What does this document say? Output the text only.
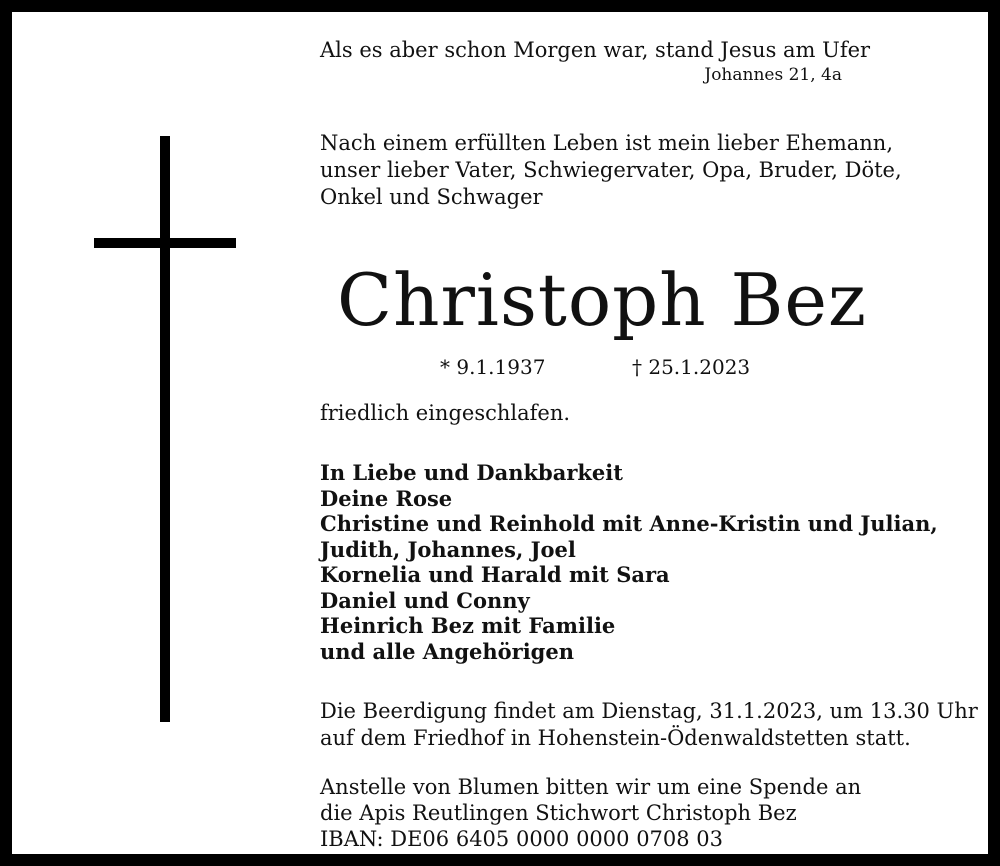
Als es aber schon Morgen war, stand Jesus am Ufer
Johannes 21, 4a
Nach einem erfüllten Leben ist mein lieber Ehemann,
unser lieber Vater, Schwiegervater, Opa, Bruder, Döte,
Onkel und Schwager
Christoph Bez
* 9.1.1937	† 25.1.2023
friedlich eingeschlafen.
In Liebe und Dankbarkeit
Deine Rose
Christine und Reinhold mit Anne-Kristin und Julian,
Judith, Johannes, Joel
Kornelia und Harald mit Sara
Daniel und Conny
Heinrich Bez mit Familie
und alle Angehörigen
Die Beerdigung findet am Dienstag, 31.1.2023, um 13.30 Uhr
auf dem Friedhof in Hohenstein-Ödenwaldstetten statt.
Anstelle von Blumen bitten wir um eine Spende an
die Apis Reutlingen Stichwort Christoph Bez
IBAN: DE06 6405 0000 0000 0708 03
